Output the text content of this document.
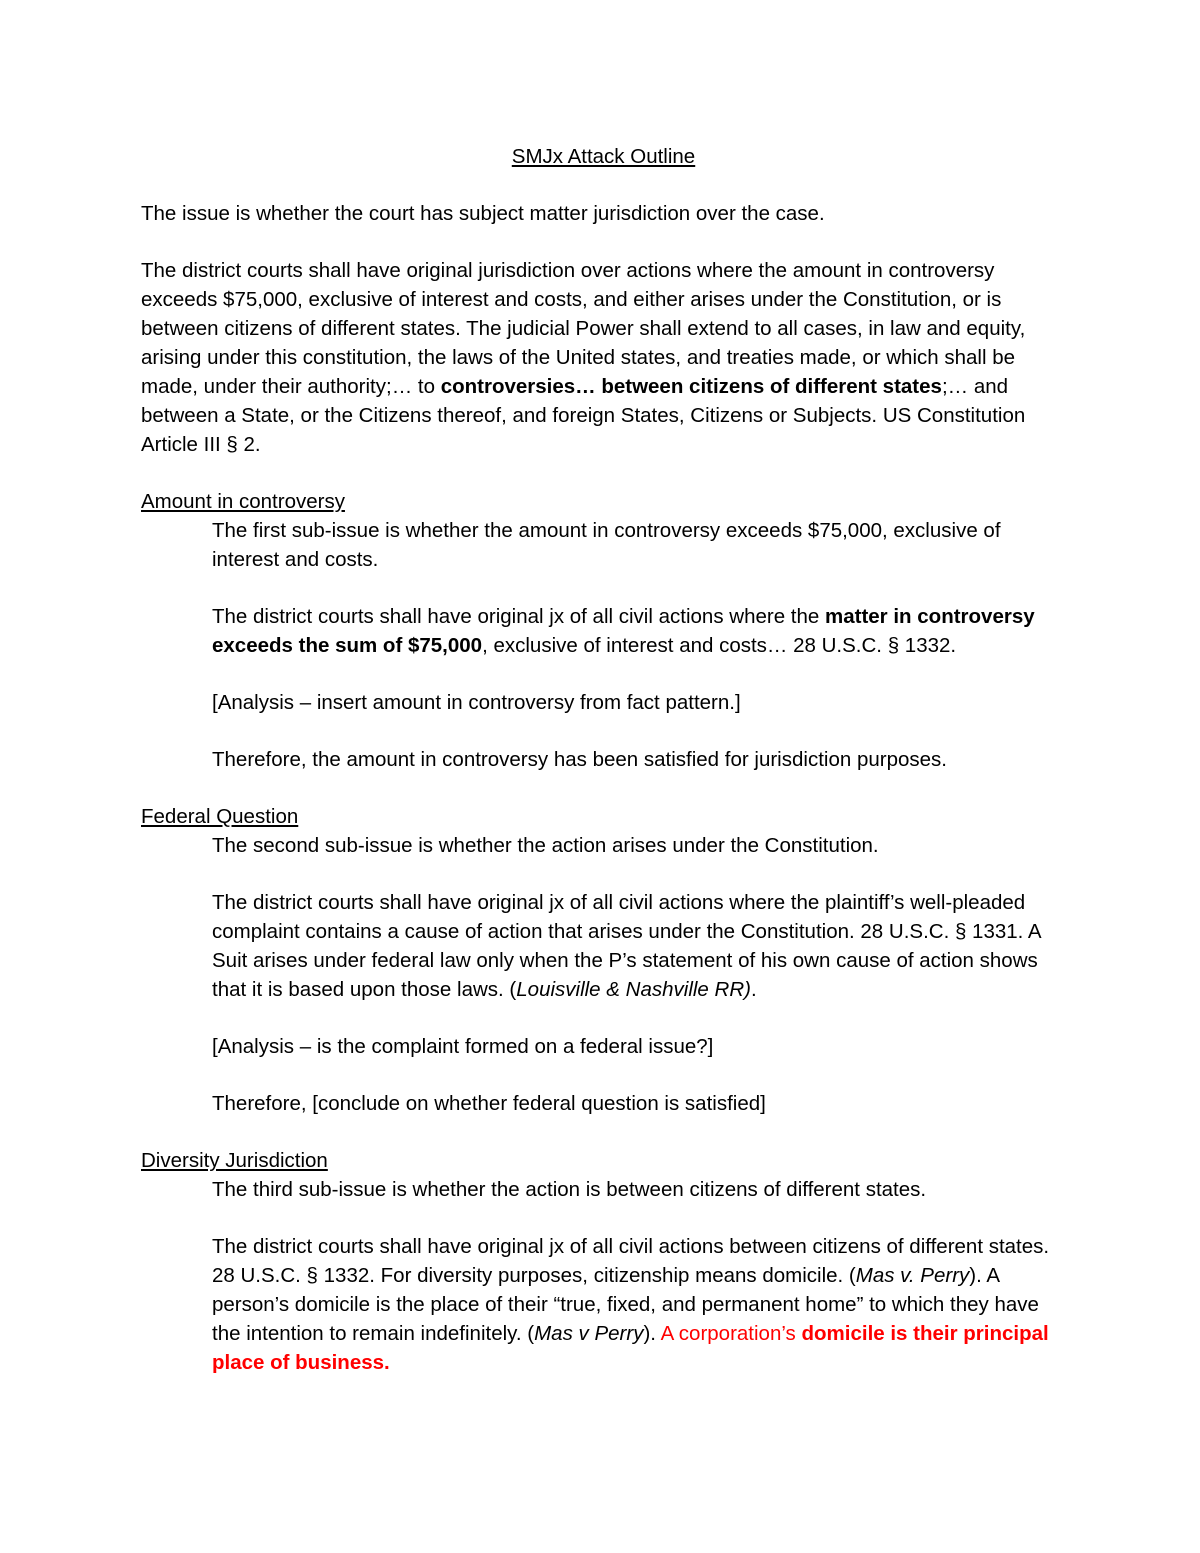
SMJx Attack Outline

The issue is whether the court has subject matter jurisdiction over the case.

The district courts shall have original jurisdiction over actions where the amount in controversy exceeds $75,000, exclusive of interest and costs, and either arises under the Constitution, or is between citizens of different states. The judicial Power shall extend to all cases, in law and equity, arising under this constitution, the laws of the United states, and treaties made, or which shall be made, under their authority;… to controversies… between citizens of different states;… and between a State, or the Citizens thereof, and foreign States, Citizens or Subjects. US Constitution Article III § 2.

Amount in controversy

The first sub-issue is whether the amount in controversy exceeds $75,000, exclusive of interest and costs.

The district courts shall have original jx of all civil actions where the matter in controversy exceeds the sum of $75,000, exclusive of interest and costs… 28 U.S.C. § 1332.

[Analysis – insert amount in controversy from fact pattern.]

Therefore, the amount in controversy has been satisfied for jurisdiction purposes.

Federal Question

The second sub-issue is whether the action arises under the Constitution.

The district courts shall have original jx of all civil actions where the plaintiff’s well-pleaded complaint contains a cause of action that arises under the Constitution. 28 U.S.C. § 1331. A Suit arises under federal law only when the P’s statement of his own cause of action shows that it is based upon those laws. (Louisville & Nashville RR).

[Analysis – is the complaint formed on a federal issue?]

Therefore, [conclude on whether federal question is satisfied]

Diversity Jurisdiction

The third sub-issue is whether the action is between citizens of different states.

The district courts shall have original jx of all civil actions between citizens of different states. 28 U.S.C. § 1332. For diversity purposes, citizenship means domicile. (Mas v. Perry). A person’s domicile is the place of their “true, fixed, and permanent home” to which they have the intention to remain indefinitely. (Mas v Perry). A corporation’s domicile is their principal place of business.
